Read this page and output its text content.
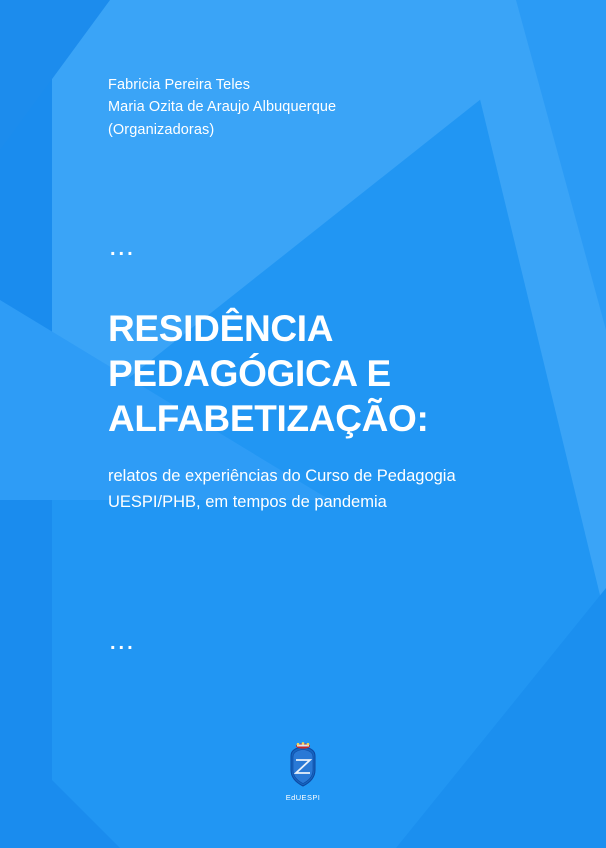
Fabricia Pereira Teles
Maria Ozita de Araujo Albuquerque
(Organizadoras)
...
RESIDÊNCIA
PEDAGÓGICA E
ALFABETIZAÇÃO:
relatos de experiências do Curso de Pedagogia
UESPI/PHB, em tempos de pandemia
...
EdUESPI
